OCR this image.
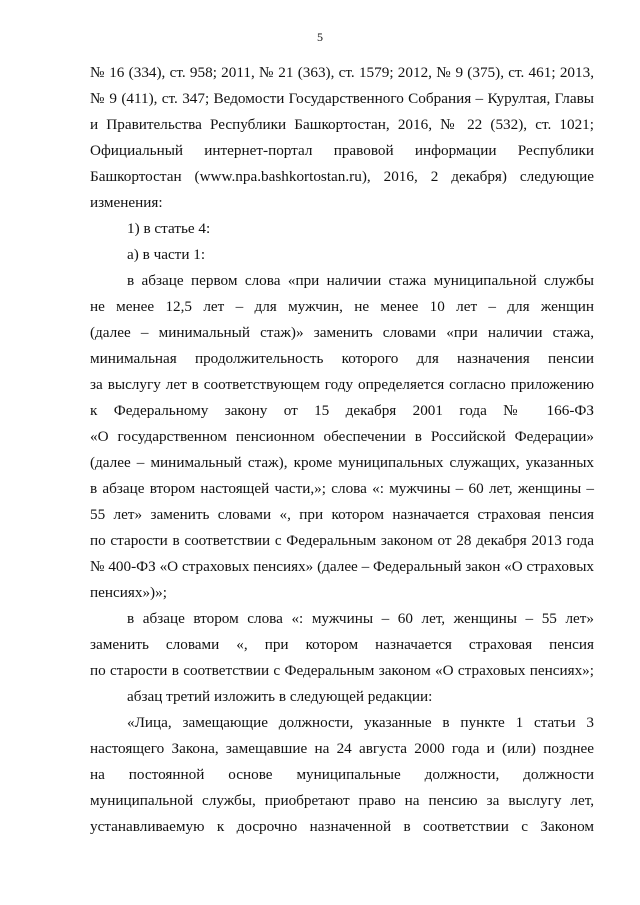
5
№ 16 (334), ст. 958; 2011, № 21 (363), ст. 1579; 2012, № 9 (375), ст. 461; 2013,
№ 9 (411), ст. 347; Ведомости Государственного Собрания – Курултая, Главы
и Правительства Республики Башкортостан, 2016, № 22 (532), ст. 1021;
Официальный интернет-портал правовой информации Республики
Башкортостан (www.npa.bashkortostan.ru), 2016, 2 декабря) следующие
изменения:
1) в статье 4:
а) в части 1:
в абзаце первом слова «при наличии стажа муниципальной службы
не менее 12,5 лет – для мужчин, не менее 10 лет – для женщин
(далее – минимальный стаж)» заменить словами «при наличии стажа,
минимальная продолжительность которого для назначения пенсии
за выслугу лет в соответствующем году определяется согласно приложению
к Федеральному закону от 15 декабря 2001 года № 166-ФЗ
«О государственном пенсионном обеспечении в Российской Федерации»
(далее – минимальный стаж), кроме муниципальных служащих, указанных
в абзаце втором настоящей части,»; слова «: мужчины – 60 лет, женщины –
55 лет» заменить словами «, при котором назначается страховая пенсия
по старости в соответствии с Федеральным законом от 28 декабря 2013 года
№ 400-ФЗ «О страховых пенсиях» (далее – Федеральный закон «О страховых
пенсиях»)»;
в абзаце втором слова «: мужчины – 60 лет, женщины – 55 лет»
заменить словами «, при котором назначается страховая пенсия
по старости в соответствии с Федеральным законом «О страховых пенсиях»;
абзац третий изложить в следующей редакции:
«Лица, замещающие должности, указанные в пункте 1 статьи 3
настоящего Закона, замещавшие на 24 августа 2000 года и (или) позднее
на постоянной основе муниципальные должности, должности
муниципальной службы, приобретают право на пенсию за выслугу лет,
устанавливаемую к досрочно назначенной в соответствии с Законом
